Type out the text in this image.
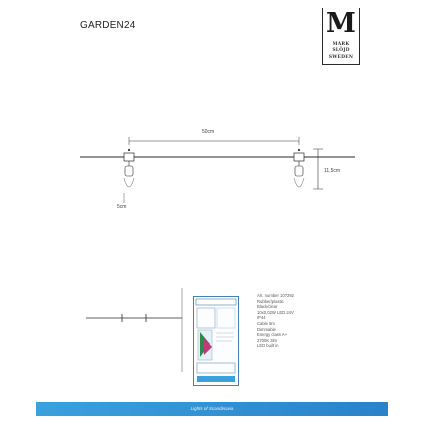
GARDEN24	M
MARK
SLÖJD
SWEDEN
50cm
11,5cm
5cm
Art. number 107292
Rubber/plastic
Black/clear
10x0,02W LED 24V
IP44
Cable 5m
Dimmable
Energy class A+
2700K 3lm
LED built in
Lights of Scandinavia
